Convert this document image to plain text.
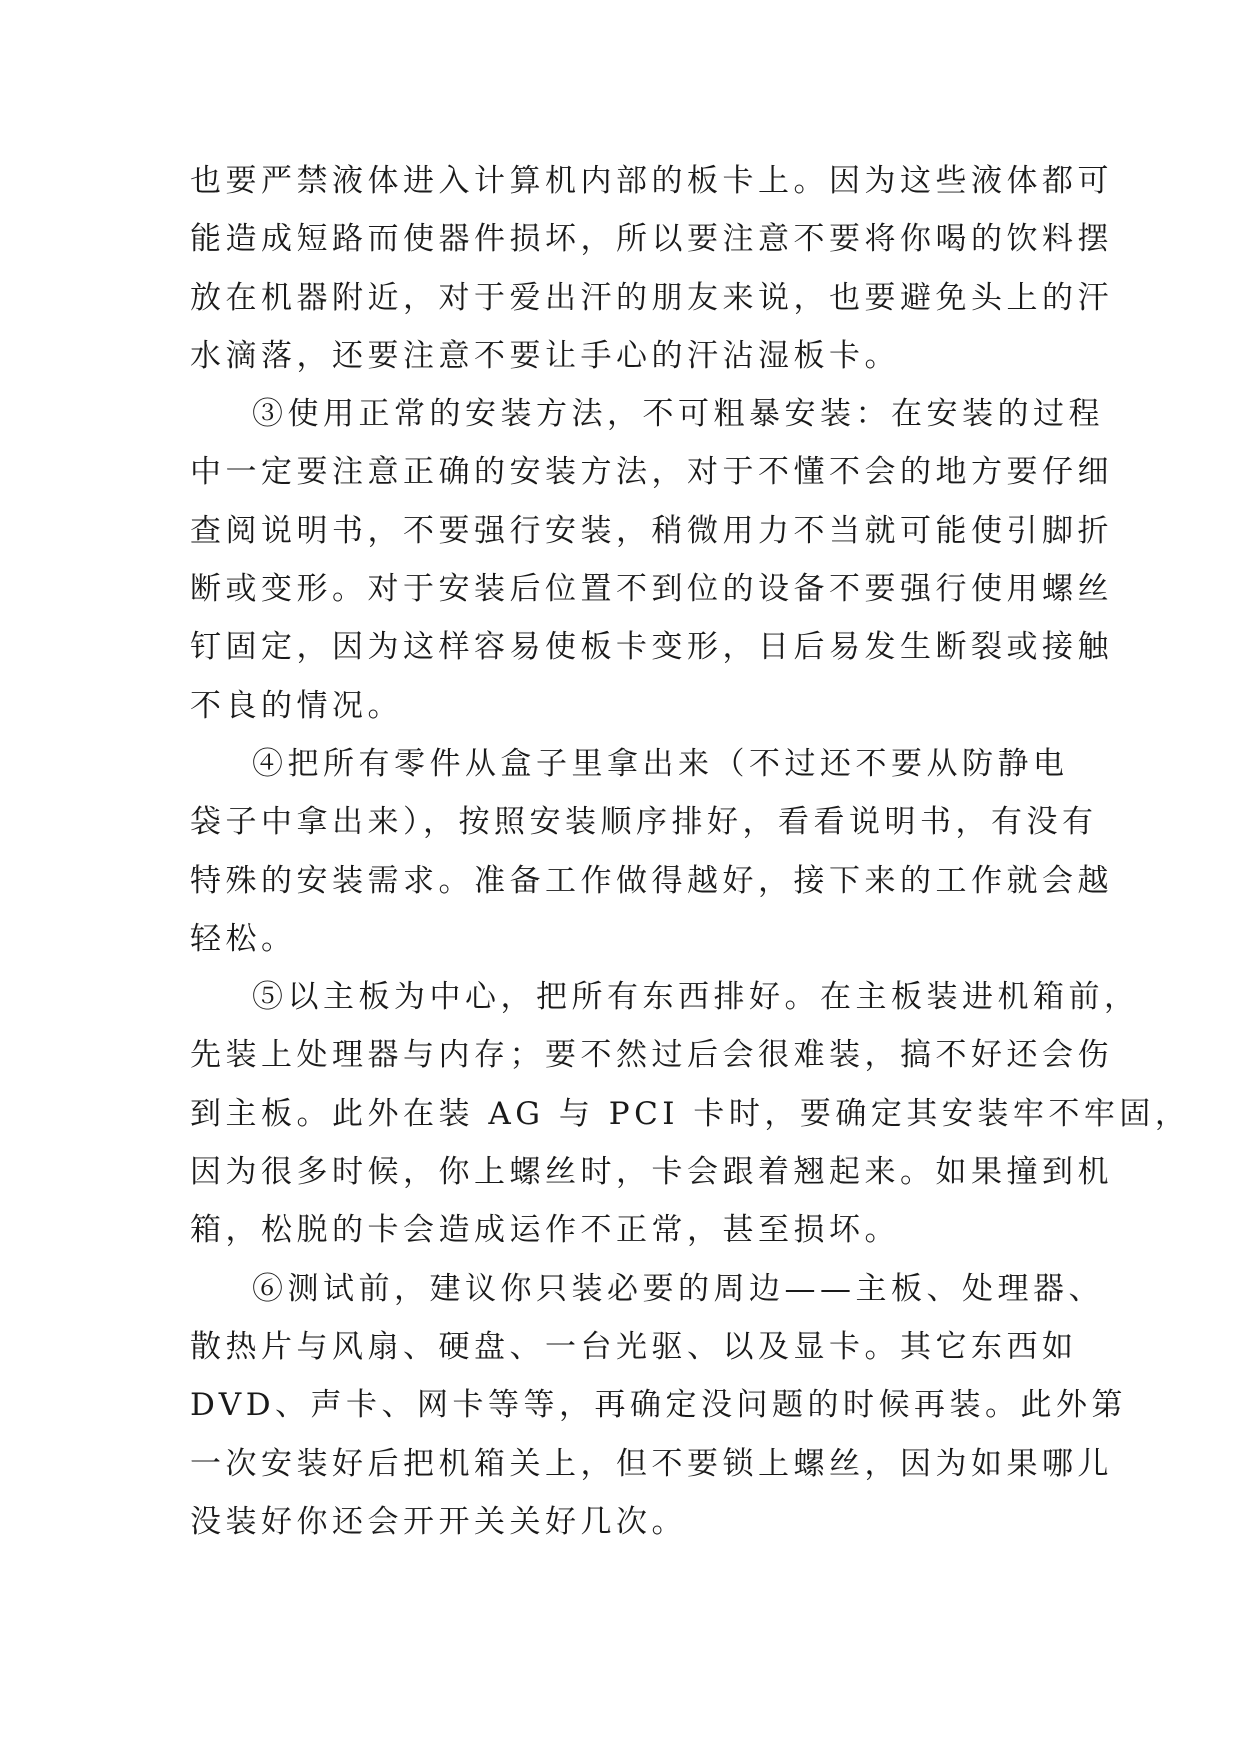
也要严禁液体进入计算机内部的板卡上。因为这些液体都可
能造成短路而使器件损坏，所以要注意不要将你喝的饮料摆
放在机器附近，对于爱出汗的朋友来说，也要避免头上的汗
水滴落，还要注意不要让手心的汗沾湿板卡。
③使用正常的安装方法，不可粗暴安装：在安装的过程
中一定要注意正确的安装方法，对于不懂不会的地方要仔细
查阅说明书，不要强行安装，稍微用力不当就可能使引脚折
断或变形。对于安装后位置不到位的设备不要强行使用螺丝
钉固定，因为这样容易使板卡变形，日后易发生断裂或接触
不良的情况。
④把所有零件从盒子里拿出来（不过还不要从防静电
袋子中拿出来），按照安装顺序排好，看看说明书，有没有
特殊的安装需求。准备工作做得越好，接下来的工作就会越
轻松。
⑤以主板为中心，把所有东西排好。在主板装进机箱前，
先装上处理器与内存；要不然过后会很难装，搞不好还会伤
到主板。此外在装 AG 与 PCI 卡时，要确定其安装牢不牢固，
因为很多时候，你上螺丝时，卡会跟着翘起来。如果撞到机
箱，松脱的卡会造成运作不正常，甚至损坏。
⑥测试前，建议你只装必要的周边——主板、处理器、
散热片与风扇、硬盘、一台光驱、以及显卡。其它东西如
DVD、声卡、网卡等等，再确定没问题的时候再装。此外第
一次安装好后把机箱关上，但不要锁上螺丝，因为如果哪儿
没装好你还会开开关关好几次。
